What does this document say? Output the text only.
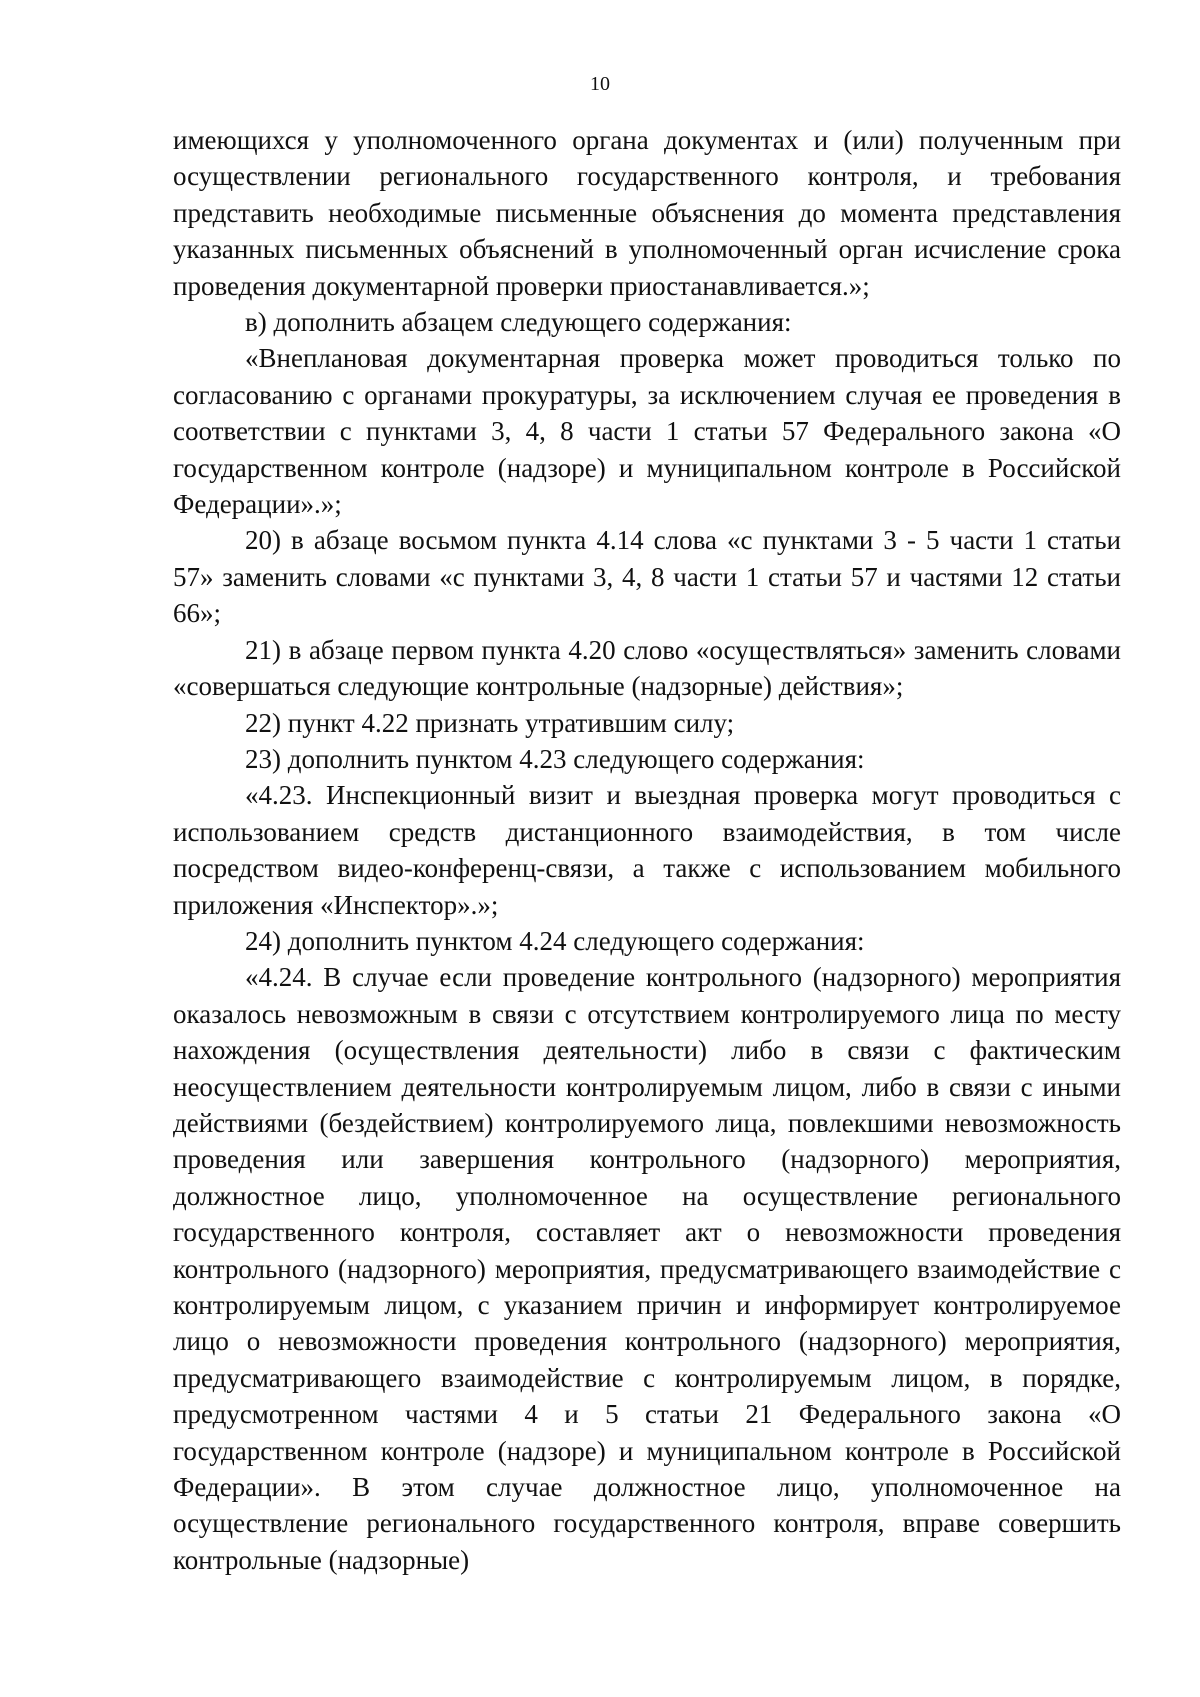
10

имеющихся у уполномоченного органа документах и (или) полученным при осуществлении регионального государственного контроля, и требования представить необходимые письменные объяснения до момента представления указанных письменных объяснений в уполномоченный орган исчисление срока проведения документарной проверки приостанавливается.»;

в) дополнить абзацем следующего содержания:

«Внеплановая документарная проверка может проводиться только по согласованию с органами прокуратуры, за исключением случая ее проведения в соответствии с пунктами 3, 4, 8 части 1 статьи 57 Федерального закона «О государственном контроле (надзоре) и муниципальном контроле в Российской Федерации».»;

20) в абзаце восьмом пункта 4.14 слова «с пунктами 3 - 5 части 1 статьи 57» заменить словами «с пунктами 3, 4, 8 части 1 статьи 57 и частями 12 статьи 66»;

21) в абзаце первом пункта 4.20 слово «осуществляться» заменить словами «совершаться следующие контрольные (надзорные) действия»;

22) пункт 4.22 признать утратившим силу;

23) дополнить пунктом 4.23 следующего содержания:

«4.23. Инспекционный визит и выездная проверка могут проводиться с использованием средств дистанционного взаимодействия, в том числе посредством видео-конференц-связи, а также с использованием мобильного приложения «Инспектор».»;

24) дополнить пунктом 4.24 следующего содержания:

«4.24. В случае если проведение контрольного (надзорного) мероприятия оказалось невозможным в связи с отсутствием контролируемого лица по месту нахождения (осуществления деятельности) либо в связи с фактическим неосуществлением деятельности контролируемым лицом, либо в связи с иными действиями (бездействием) контролируемого лица, повлекшими невозможность проведения или завершения контрольного (надзорного) мероприятия, должностное лицо, уполномоченное на осуществление регионального государственного контроля, составляет акт о невозможности проведения контрольного (надзорного) мероприятия, предусматривающего взаимодействие с контролируемым лицом, с указанием причин и информирует контролируемое лицо о невозможности проведения контрольного (надзорного) мероприятия, предусматривающего взаимодействие с контролируемым лицом, в порядке, предусмотренном частями 4 и 5 статьи 21 Федерального закона «О государственном контроле (надзоре) и муниципальном контроле в Российской Федерации». В этом случае должностное лицо, уполномоченное на осуществление регионального государственного контроля, вправе совершить контрольные (надзорные)
